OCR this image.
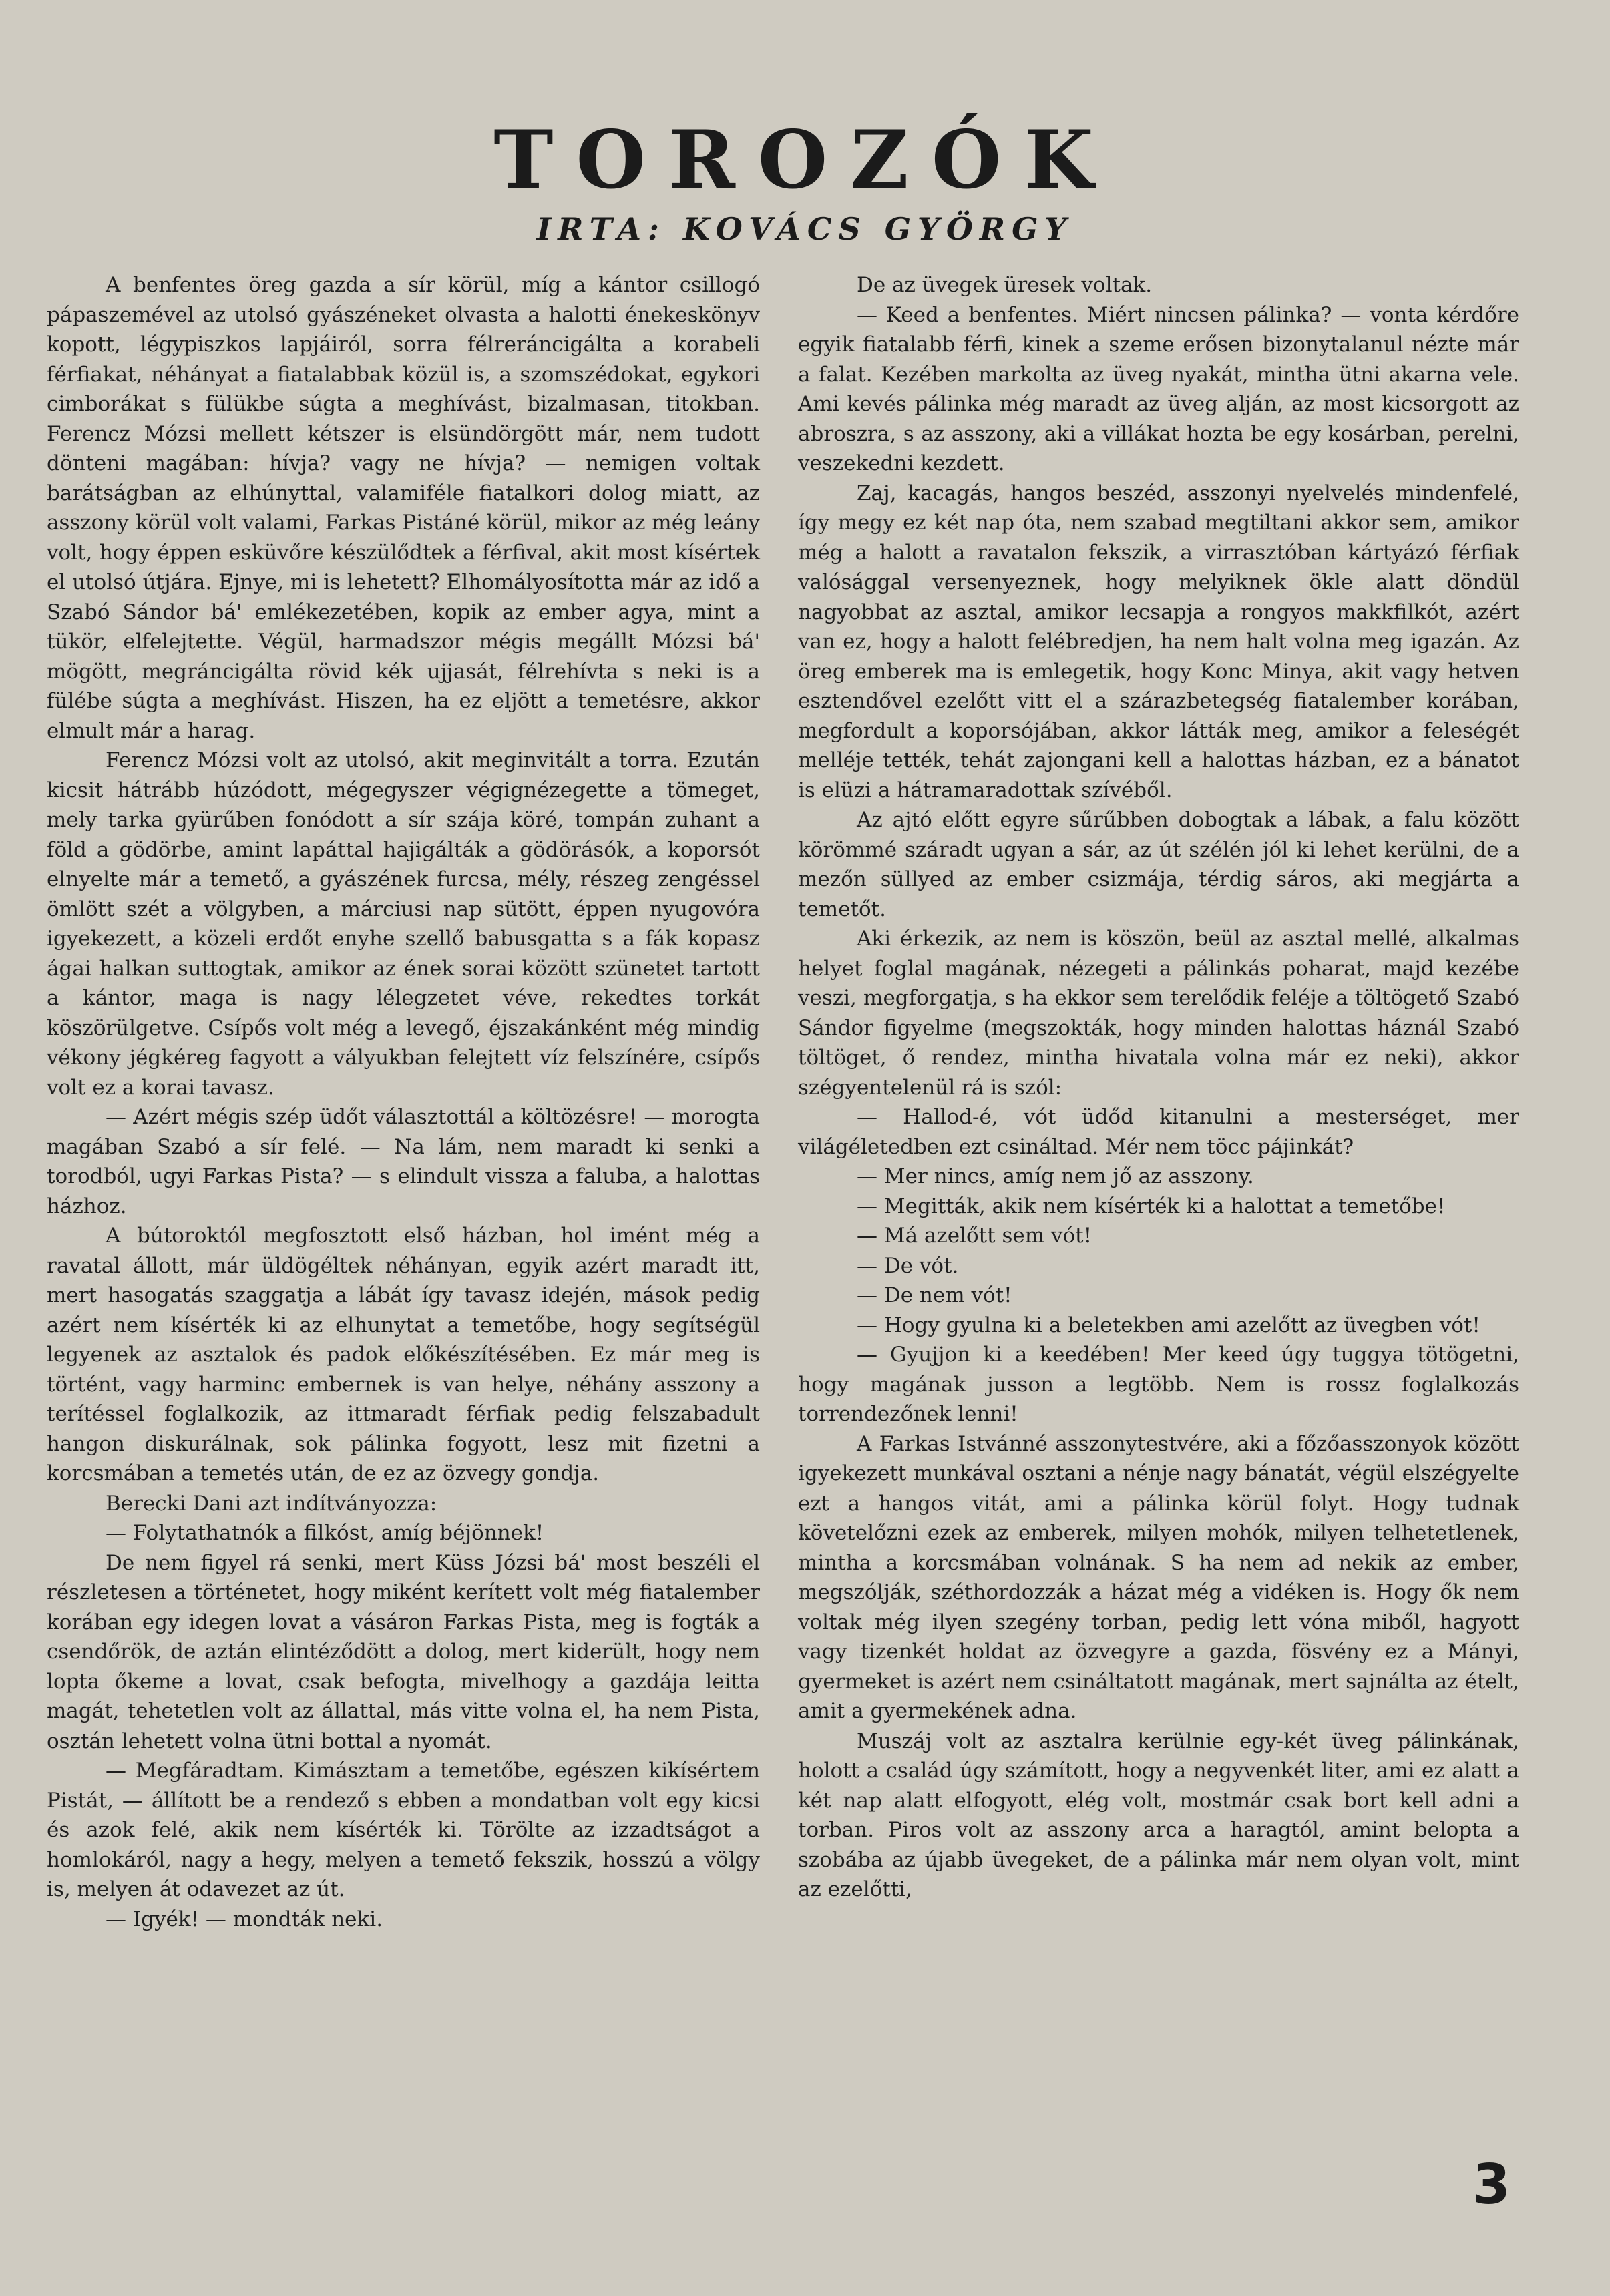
TOROZÓK
IRTA: KOVÁCS GYÖRGY

A benfentes öreg gazda a sír körül, míg a kántor csillogó pápaszemével az utolsó gyászéneket olvasta a halotti énekeskönyv kopott, légypiszkos lapjáiról, sorra félreráncigálta a korabeli férfiakat, néhányat a fiatalabbak közül is, a szomszédokat, egykori cimborákat s fülükbe súgta a meghívást, bizalmasan, titokban. Ferencz Mózsi mellett kétszer is elsündörgött már, nem tudott dönteni magában: hívja? vagy ne hívja? — nemigen voltak barátságban az elhúnyttal, valamiféle fiatalkori dolog miatt, az asszony körül volt valami, Farkas Pistáné körül, mikor az még leány volt, hogy éppen esküvőre készülődtek a férfival, akit most kísértek el utolsó útjára. Ejnye, mi is lehetett? Elhomályosította már az idő a Szabó Sándor bá' emlékezetében, kopik az ember agya, mint a tükör, elfelejtette. Végül, harmadszor mégis megállt Mózsi bá' mögött, megráncigálta rövid kék ujjasát, félrehívta s neki is a fülébe súgta a meghívást. Hiszen, ha ez eljött a temetésre, akkor elmult már a harag.

Ferencz Mózsi volt az utolsó, akit meginvitált a torra. Ezután kicsit hátrább húzódott, mégegyszer végignézegette a tömeget, mely tarka gyürűben fonódott a sír szája köré, tompán zuhant a föld a gödörbe, amint lapáttal hajigálták a gödörásók, a koporsót elnyelte már a temető, a gyászének furcsa, mély, részeg zengéssel ömlött szét a völgyben, a márciusi nap sütött, éppen nyugovóra igyekezett, a közeli erdőt enyhe szellő babusgatta s a fák kopasz ágai halkan suttogtak, amikor az ének sorai között szünetet tartott a kántor, maga is nagy lélegzetet véve, rekedtes torkát köszörülgetve. Csípős volt még a levegő, éjszakánként még mindig vékony jégkéreg fagyott a vályukban felejtett víz felszínére, csípős volt ez a korai tavasz.

— Azért mégis szép üdőt választottál a költözésre! — morogta magában Szabó a sír felé. — Na lám, nem maradt ki senki a torodból, ugyi Farkas Pista? — s elindult vissza a faluba, a halottas házhoz.

A bútoroktól megfosztott első házban, hol imént még a ravatal állott, már üldögéltek néhányan, egyik azért maradt itt, mert hasogatás szaggatja a lábát így tavasz idején, mások pedig azért nem kísérték ki az elhunytat a temetőbe, hogy segítségül legyenek az asztalok és padok előkészítésében. Ez már meg is történt, vagy harminc embernek is van helye, néhány asszony a terítéssel foglalkozik, az ittmaradt férfiak pedig felszabadult hangon diskurálnak, sok pálinka fogyott, lesz mit fizetni a korcsmában a temetés után, de ez az özvegy gondja.

Berecki Dani azt indítványozza:

— Folytathatnók a filkóst, amíg béjönnek!

De nem figyel rá senki, mert Küss Józsi bá' most beszéli el részletesen a történetet, hogy miként kerített volt még fiatalember korában egy idegen lovat a vásáron Farkas Pista, meg is fogták a csendőrök, de aztán elintéződött a dolog, mert kiderült, hogy nem lopta őkeme a lovat, csak befogta, mivelhogy a gazdája leitta magát, tehetetlen volt az állattal, más vitte volna el, ha nem Pista, osztán lehetett volna ütni bottal a nyomát.

— Megfáradtam. Kimásztam a temetőbe, egészen kikísértem Pistát, — állított be a rendező s ebben a mondatban volt egy kicsi és azok felé, akik nem kísérték ki. Törölte az izzadtságot a homlokáról, nagy a hegy, melyen a temető fekszik, hosszú a völgy is, melyen át odavezet az út.

— Igyék! — mondták neki.

De az üvegek üresek voltak.

— Keed a benfentes. Miért nincsen pálinka? — vonta kérdőre egyik fiatalabb férfi, kinek a szeme erősen bizonytalanul nézte már a falat. Kezében markolta az üveg nyakát, mintha ütni akarna vele. Ami kevés pálinka még maradt az üveg alján, az most kicsorgott az abroszra, s az asszony, aki a villákat hozta be egy kosárban, perelni, veszekedni kezdett.

Zaj, kacagás, hangos beszéd, asszonyi nyelvelés mindenfelé, így megy ez két nap óta, nem szabad megtiltani akkor sem, amikor még a halott a ravatalon fekszik, a virrasztóban kártyázó férfiak valósággal versenyeznek, hogy melyiknek ökle alatt döndül nagyobbat az asztal, amikor lecsapja a rongyos makkfilkót, azért van ez, hogy a halott felébredjen, ha nem halt volna meg igazán. Az öreg emberek ma is emlegetik, hogy Konc Minya, akit vagy hetven esztendővel ezelőtt vitt el a szárazbetegség fiatalember korában, megfordult a koporsójában, akkor látták meg, amikor a feleségét melléje tették, tehát zajongani kell a halottas házban, ez a bánatot is elüzi a hátramaradottak szívéből.

Az ajtó előtt egyre sűrűbben dobogtak a lábak, a falu között körömmé száradt ugyan a sár, az út szélén jól ki lehet kerülni, de a mezőn süllyed az ember csizmája, térdig sáros, aki megjárta a temetőt.

Aki érkezik, az nem is köszön, beül az asztal mellé, alkalmas helyet foglal magának, nézegeti a pálinkás poharat, majd kezébe veszi, megforgatja, s ha ekkor sem terelődik feléje a töltögető Szabó Sándor figyelme (megszokták, hogy minden halottas háznál Szabó töltöget, ő rendez, mintha hivatala volna már ez neki), akkor szégyentelenül rá is szól:

— Hallod-é, vót üdőd kitanulni a mesterséget, mer világéletedben ezt csináltad. Mér nem töcc pájinkát?

— Mer nincs, amíg nem jő az asszony.

— Megitták, akik nem kísérték ki a halottat a temetőbe!

— Má azelőtt sem vót!

— De vót.

— De nem vót!

— Hogy gyulna ki a beletekben ami azelőtt az üvegben vót!

— Gyujjon ki a keedében! Mer keed úgy tuggya tötögetni, hogy magának jusson a legtöbb. Nem is rossz foglalkozás torrendezőnek lenni!

A Farkas Istvánné asszonytestvére, aki a főzőasszonyok között igyekezett munkával osztani a nénje nagy bánatát, végül elszégyelte ezt a hangos vitát, ami a pálinka körül folyt. Hogy tudnak követelőzni ezek az emberek, milyen mohók, milyen telhetetlenek, mintha a korcsmában volnának. S ha nem ad nekik az ember, megszólják, széthordozzák a házat még a vidéken is. Hogy ők nem voltak még ilyen szegény torban, pedig lett vóna miből, hagyott vagy tizenkét holdat az özvegyre a gazda, fösvény ez a Mányi, gyermeket is azért nem csináltatott magának, mert sajnálta az ételt, amit a gyermekének adna.

Muszáj volt az asztalra kerülnie egy-két üveg pálinkának, holott a család úgy számított, hogy a negyvenkét liter, ami ez alatt a két nap alatt elfogyott, elég volt, mostmár csak bort kell adni a torban. Piros volt az asszony arca a haragtól, amint belopta a szobába az újabb üvegeket, de a pálinka már nem olyan volt, mint az ezelőtti,

3
